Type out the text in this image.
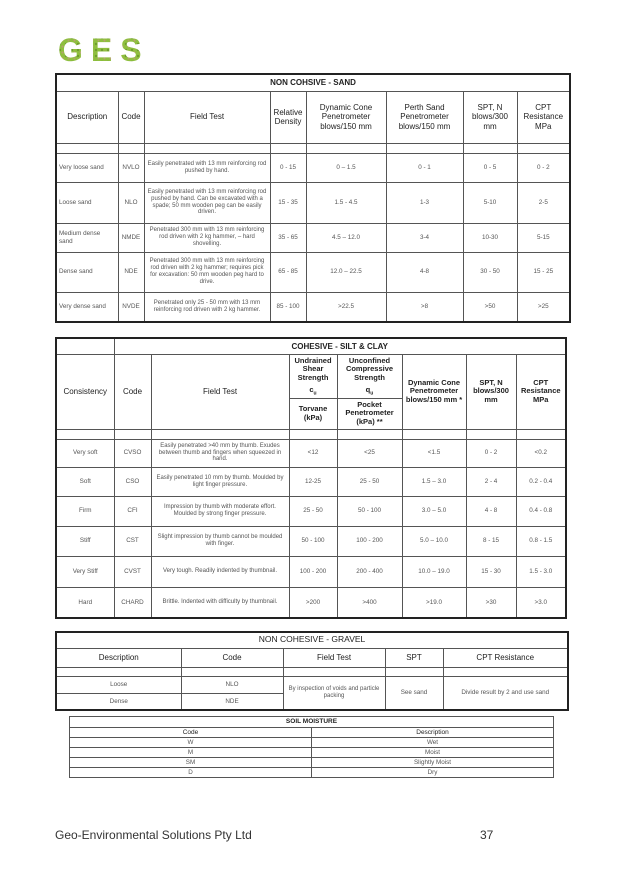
GES
NON COHSIVE - SAND							
Description	Code	Field Test	Relative Density	Dynamic Cone Penetrometer blows/150 mm	Perth Sand Penetrometer blows/150 mm	SPT, N blows/300 mm	CPT Resistance MPa

Very loose sand	NVLO	Easily penetrated with 13 mm reinforcing rod pushed by hand.	0 - 15	0 – 1.5	0 - 1	0 - 5	0 - 2
Loose sand	NLO	Easily penetrated with 13 mm reinforcing rod pushed by hand. Can be excavated with a spade; 50 mm wooden peg can be easily driven.	15 - 35	1.5 - 4.5	1-3	5-10	2-5
Medium dense sand	NMDE	Penetrated 300 mm with 13 mm reinforcing rod driven with 2 kg hammer, – hard shovelling.	35 - 65	4.5 – 12.0	3-4	10-30	5-15
Dense sand	NDE	Penetrated 300 mm with 13 mm reinforcing rod driven with 2 kg hammer; requires pick for excavation: 50 mm wooden peg hard to drive.	65 - 85	12.0 – 22.5	4-8	30 - 50	15 - 25
Very dense sand	NVDE	Penetrated only 25 - 50 mm with 13 mm reinforcing rod driven with 2 kg hammer.	85 - 100	>22.5	>8	>50	>25
	COHESIVE - SILT & CLAY						
Consistency	Code	Field Test	Undrained Shear Strength	Unconfined Compressive Strength	Dynamic Cone Penetrometer blows/150 mm *	SPT, N blows/300 mm	CPT Resistance MPa
			$c_u$	$q_u$
			Torvane (kPa)	Pocket Penetrometer (kPa) **			

Very soft	CVSO	Easily penetrated >40 mm by thumb. Exudes between thumb and fingers when squeezed in hand.	<12	<25	<1.5	0 - 2	<0.2
Soft	CSO	Easily penetrated 10 mm by thumb. Moulded by light finger pressure.	12-25	25 - 50	1.5 – 3.0	2 - 4	0.2 - 0.4
Firm	CFI	Impression by thumb with moderate effort. Moulded by strong finger pressure.	25 - 50	50 - 100	3.0 – 5.0	4 - 8	0.4 - 0.8
Stiff	CST	Slight impression by thumb cannot be moulded with finger.	50 - 100	100 - 200	5.0 – 10.0	8 - 15	0.8 - 1.5
Very Stiff	CVST	Very tough. Readily indented by thumbnail.	100 - 200	200 - 400	10.0 – 19.0	15 - 30	1.5 - 3.0
Hard	CHARD	Brittle. Indented with difficulty by thumbnail.	>200	>400	>19.0	>30	>3.0
NON COHESIVE - GRAVEL				
Description	Code	Field Test	SPT	CPT Resistance

Loose	NLO	By inspection of voids and particle packing	See sand	Divide result by 2 and use sand
Dense	NDE			
SOIL MOISTURE	
Code	Description
W	Wet
M	Moist
SM	Slightly Moist
D	Dry
Geo-Environmental Solutions Pty Ltd	37
